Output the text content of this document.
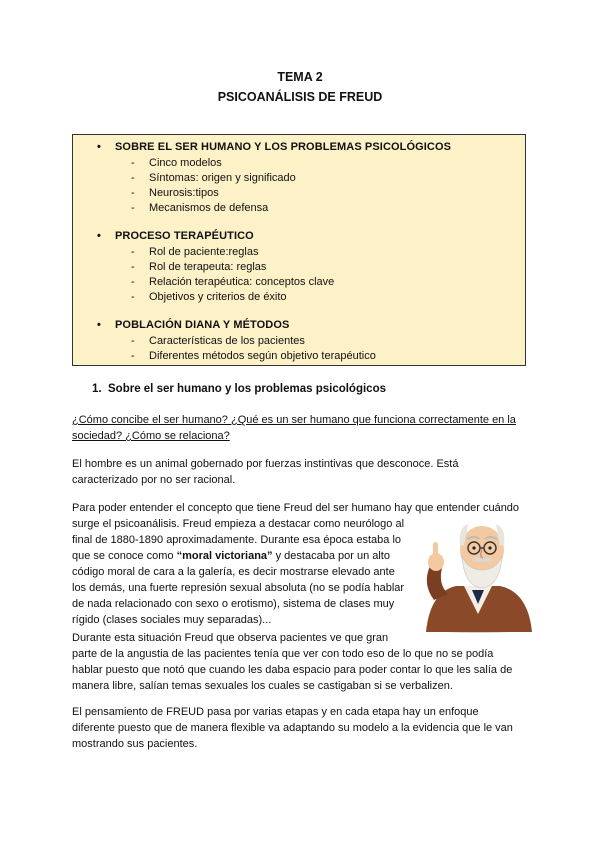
TEMA 2
PSICOANÁLISIS DE FREUD
• SOBRE EL SER HUMANO Y LOS PROBLEMAS PSICOLÓGICOS
- Cinco modelos
- Síntomas: origen y significado
- Neurosis:tipos
- Mecanismos de defensa
• PROCESO TERAPÉUTICO
- Rol de paciente:reglas
- Rol de terapeuta: reglas
- Relación terapéutica: conceptos clave
- Objetivos y criterios de éxito
• POBLACIÓN DIANA Y MÉTODOS
- Características de los pacientes
- Diferentes métodos según objetivo terapéutico
1. Sobre el ser humano y los problemas psicológicos
¿Cómo concibe el ser humano? ¿Qué es un ser humano que funciona correctamente en la
sociedad? ¿Cómo se relaciona?
El hombre es un animal gobernado por fuerzas instintivas que desconoce. Está
caracterizado por no ser racional.
Para poder entender el concepto que tiene Freud del ser humano hay que entender cuándo
surge el psicoanálisis. Freud empieza a destacar como neurólogo al
final de 1880-1890 aproximadamente. Durante esa época estaba lo
que se conoce como “moral victoriana” y destacaba por un alto
código moral de cara a la galería, es decir mostrarse elevado ante
los demás, una fuerte represión sexual absoluta (no se podía hablar
de nada relacionado con sexo o erotismo), sistema de clases muy
rígido (clases sociales muy separadas)...
Durante esta situación Freud que observa pacientes ve que gran
parte de la angustia de las pacientes tenía que ver con todo eso de lo que no se podía
hablar puesto que notó que cuando les daba espacio para poder contar lo que les salía de
manera libre, salían temas sexuales los cuales se castigaban si se verbalizen.
El pensamiento de FREUD pasa por varias etapas y en cada etapa hay un enfoque
diferente puesto que de manera flexible va adaptando su modelo a la evidencia que le van
mostrando sus pacientes.
